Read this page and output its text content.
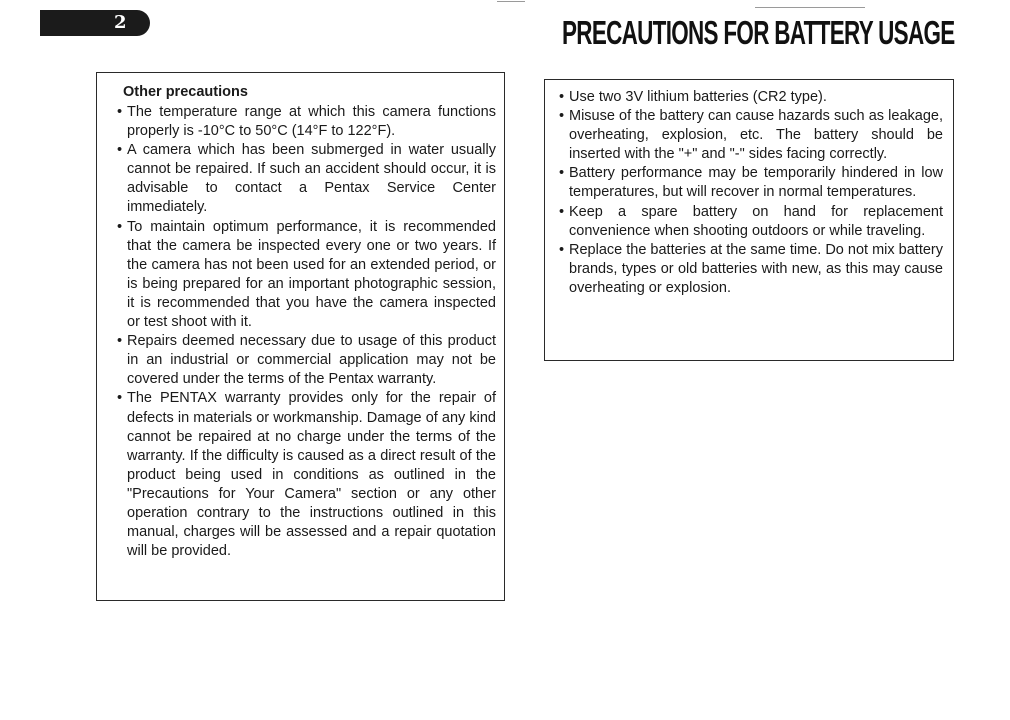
2	PRECAUTIONS FOR BATTERY USAGE
Other precautions
• The temperature range at which this camera functions properly is -10°C to 50°C (14°F to 122°F).
• A camera which has been submerged in water usually cannot be repaired. If such an accident should occur, it is advisable to contact a Pentax Service Center immediately.
• To maintain optimum performance, it is recommended that the camera be inspected every one or two years. If the camera has not been used for an extended period, or is being prepared for an important photographic session, it is recommended that you have the camera inspected or test shoot with it.
• Repairs deemed necessary due to usage of this product in an industrial or commercial application may not be covered under the terms of the Pentax warranty.
• The PENTAX warranty provides only for the repair of defects in materials or workmanship. Damage of any kind cannot be repaired at no charge under the terms of the warranty. If the difficulty is caused as a direct result of the product being used in conditions as outlined in the "Precautions for Your Camera" section or any other operation contrary to the instructions outlined in this manual, charges will be assessed and a repair quotation will be provided.
• Use two 3V lithium batteries (CR2 type).
• Misuse of the battery can cause hazards such as leakage, overheating, explosion, etc. The battery should be inserted with the "+" and "-" sides facing correctly.
• Battery performance may be temporarily hindered in low temperatures, but will recover in normal temperatures.
• Keep a spare battery on hand for replacement convenience when shooting outdoors or while traveling.
• Replace the batteries at the same time. Do not mix battery brands, types or old batteries with new, as this may cause overheating or explosion.
